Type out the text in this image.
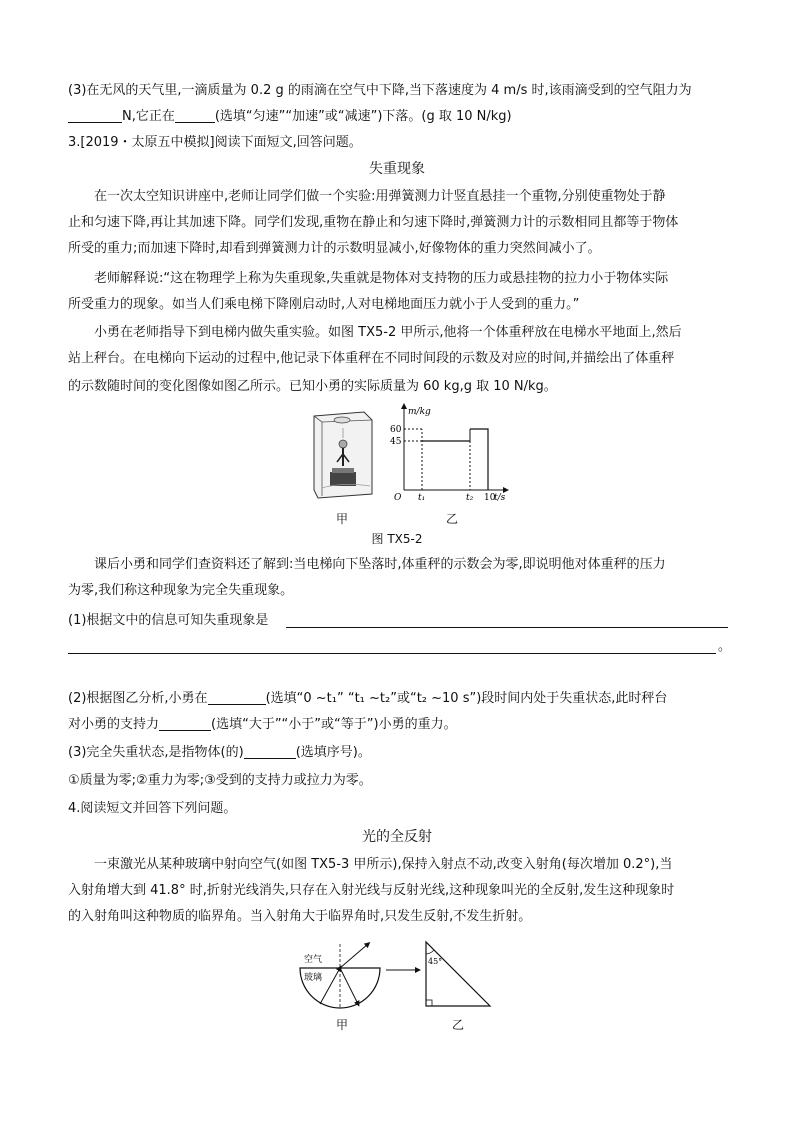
(3)在无风的天气里,一滴质量为 0.2 g 的雨滴在空气中下降,当下落速度为 4 m/s 时,该雨滴受到的空气阻力为
N,它正在	(选填“匀速”“加速”或“减速”)下落。(g 取 10 N/kg)
3.[2019・太原五中模拟]阅读下面短文,回答问题。
失重现象
在一次太空知识讲座中,老师让同学们做一个实验:用弹簧测力计竖直悬挂一个重物,分别使重物处于静
止和匀速下降,再让其加速下降。同学们发现,重物在静止和匀速下降时,弹簧测力计的示数相同且都等于物体
所受的重力;而加速下降时,却看到弹簧测力计的示数明显减小,好像物体的重力突然间减小了。
老师解释说:“这在物理学上称为失重现象,失重就是物体对支持物的压力或悬挂物的拉力小于物体实际
所受重力的现象。如当人们乘电梯下降刚启动时,人对电梯地面压力就小于人受到的重力。”
小勇在老师指导下到电梯内做失重实验。如图 TX5-2 甲所示,他将一个体重秤放在电梯水平地面上,然后
站上秤台。在电梯向下运动的过程中,他记录下体重秤在不同时间段的示数及对应的时间,并描绘出了体重秤
的示数随时间的变化图像如图乙所示。已知小勇的实际质量为 60 kg,g 取 10 N/kg。
甲
m/kg
t/s
60
45
O t₁	t₂ 10
乙
图 TX5-2
课后小勇和同学们查资料还了解到:当电梯向下坠落时,体重秤的示数会为零,即说明他对体重秤的压力
为零,我们称这种现象为完全失重现象。
(1)根据文中的信息可知失重现象是
。
(2)根据图乙分析,小勇在	(选填“0 ~t₁” “t₁ ~t₂”或“t₂ ~10 s”)段时间内处于失重状态,此时秤台
对小勇的支持力	(选填“大于”“小于”或“等于”)小勇的重力。
(3)完全失重状态,是指物体(的)	(选填序号)。
①质量为零;②重力为零;③受到的支持力或拉力为零。
4.阅读短文并回答下列问题。
光的全反射
一束激光从某种玻璃中射向空气(如图 TX5-3 甲所示),保持入射点不动,改变入射角(每次增加 0.2°),当
入射角增大到 41.8° 时,折射光线消失,只存在入射光线与反射光线,这种现象叫光的全反射,发生这种现象时
的入射角叫这种物质的临界角。当入射角大于临界角时,只发生反射,不发生折射。
空气
玻璃
45°
甲	乙
